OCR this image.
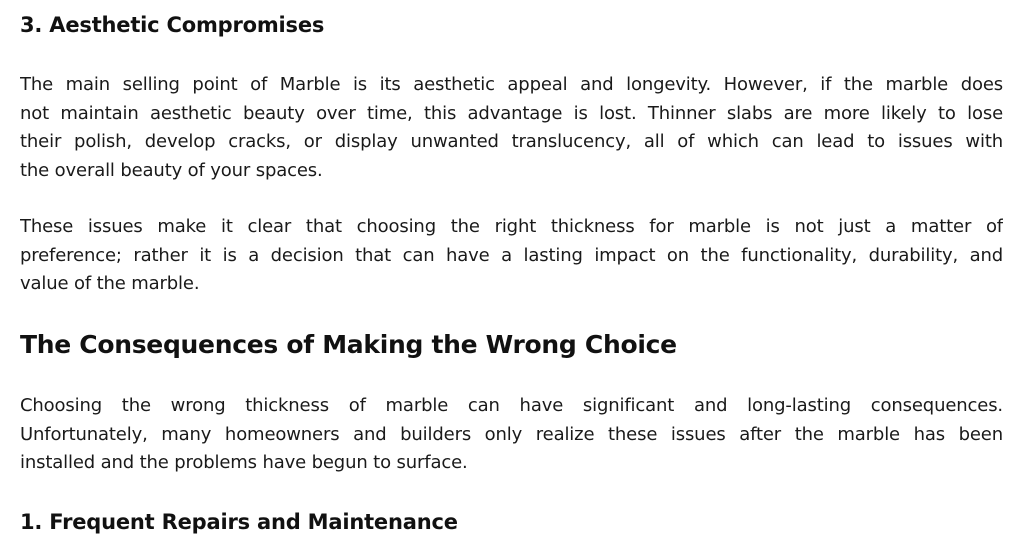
3. Aesthetic Compromises

The main selling point of Marble is its aesthetic appeal and longevity. However, if the marble does
not maintain aesthetic beauty over time, this advantage is lost. Thinner slabs are more likely to lose
their polish, develop cracks, or display unwanted translucency, all of which can lead to issues with
the overall beauty of your spaces.

These issues make it clear that choosing the right thickness for marble is not just a matter of
preference; rather it is a decision that can have a lasting impact on the functionality, durability, and
value of the marble.

The Consequences of Making the Wrong Choice

Choosing the wrong thickness of marble can have significant and long-lasting consequences.
Unfortunately, many homeowners and builders only realize these issues after the marble has been
installed and the problems have begun to surface.

1. Frequent Repairs and Maintenance
